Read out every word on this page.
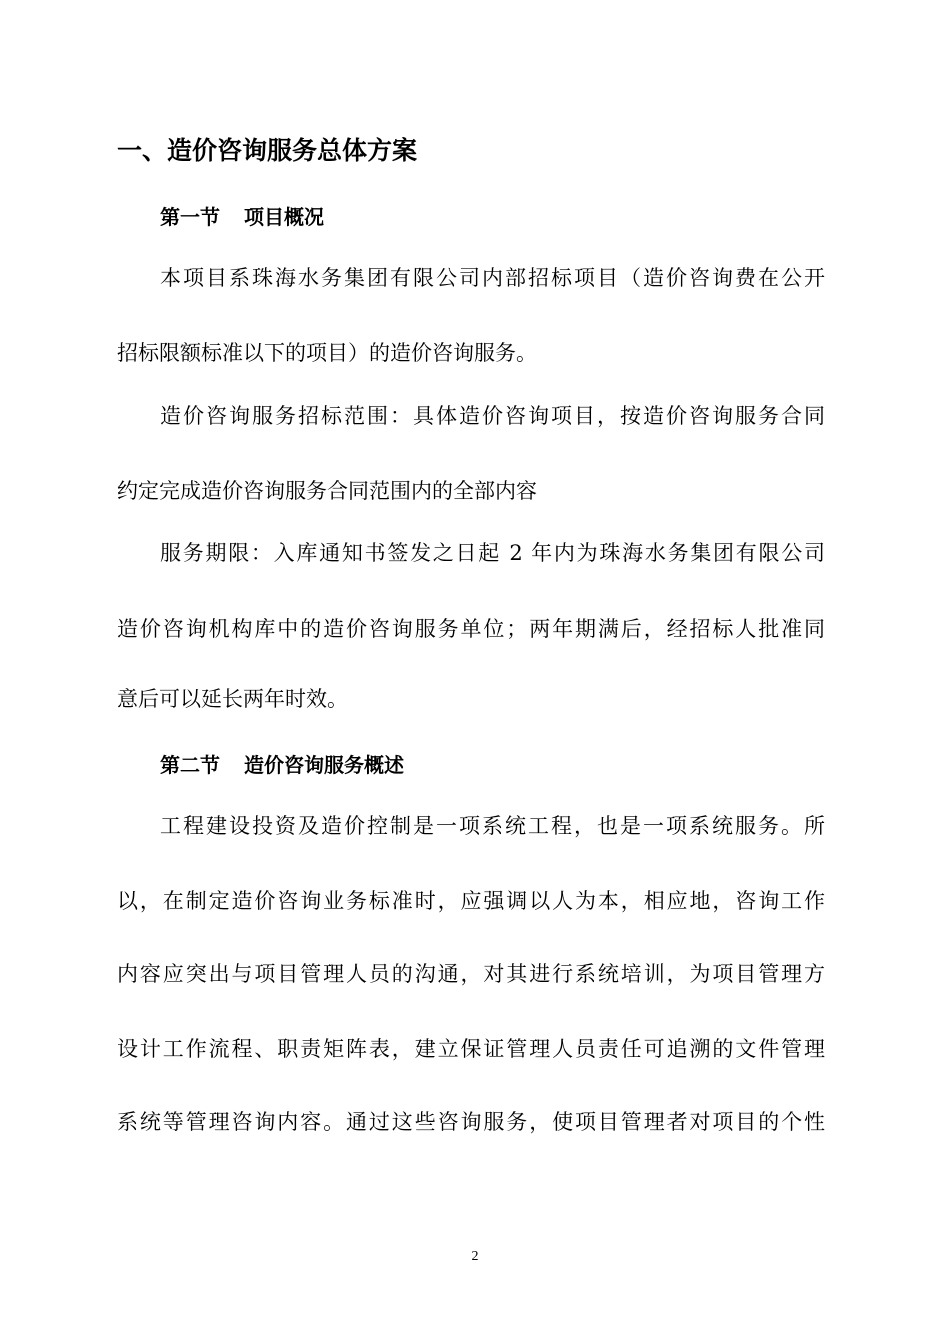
一、造价咨询服务总体方案
第一节 项目概况

本项目系珠海水务集团有限公司内部招标项目（造价咨询费在公开

招标限额标准以下的项目）的造价咨询服务。

造价咨询服务招标范围：具体造价咨询项目，按造价咨询服务合同

约定完成造价咨询服务合同范围内的全部内容

服务期限：入库通知书签发之日起 2 年内为珠海水务集团有限公司

造价咨询机构库中的造价咨询服务单位；两年期满后，经招标人批准同

意后可以延长两年时效。

第二节 造价咨询服务概述

工程建设投资及造价控制是一项系统工程，也是一项系统服务。所

以，在制定造价咨询业务标准时，应强调以人为本，相应地，咨询工作

内容应突出与项目管理人员的沟通，对其进行系统培训，为项目管理方

设计工作流程、职责矩阵表，建立保证管理人员责任可追溯的文件管理

系统等管理咨询内容。通过这些咨询服务，使项目管理者对项目的个性

2
